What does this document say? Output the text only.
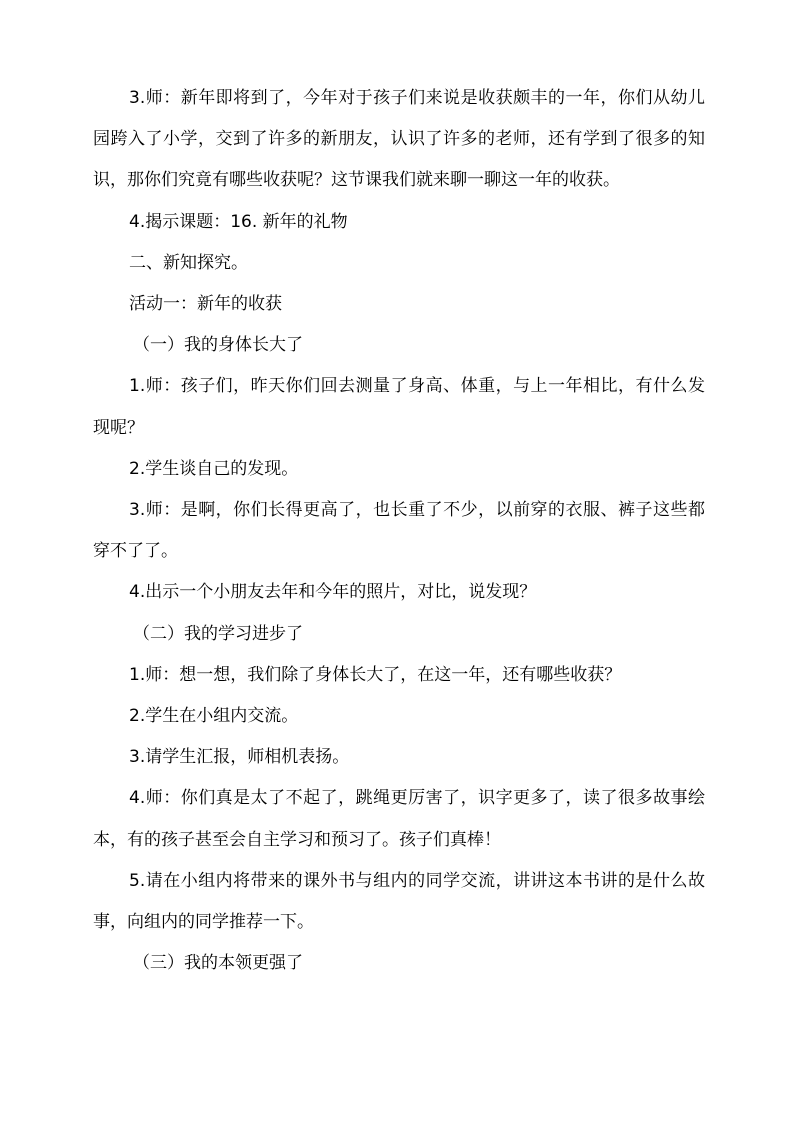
3.师：新年即将到了，今年对于孩子们来说是收获颇丰的一年，你们从幼儿园跨入了小学，交到了许多的新朋友，认识了许多的老师，还有学到了很多的知识，那你们究竟有哪些收获呢？这节课我们就来聊一聊这一年的收获。

4.揭示课题：16. 新年的礼物

二、新知探究。

活动一：新年的收获

（一）我的身体长大了

1.师：孩子们，昨天你们回去测量了身高、体重，与上一年相比，有什么发现呢？

2.学生谈自己的发现。

3.师：是啊，你们长得更高了，也长重了不少，以前穿的衣服、裤子这些都穿不了了。

4.出示一个小朋友去年和今年的照片，对比，说发现？

（二）我的学习进步了

1.师：想一想，我们除了身体长大了，在这一年，还有哪些收获？

2.学生在小组内交流。

3.请学生汇报，师相机表扬。

4.师：你们真是太了不起了，跳绳更厉害了，识字更多了，读了很多故事绘本，有的孩子甚至会自主学习和预习了。孩子们真棒！

5.请在小组内将带来的课外书与组内的同学交流，讲讲这本书讲的是什么故事，向组内的同学推荐一下。

（三）我的本领更强了
